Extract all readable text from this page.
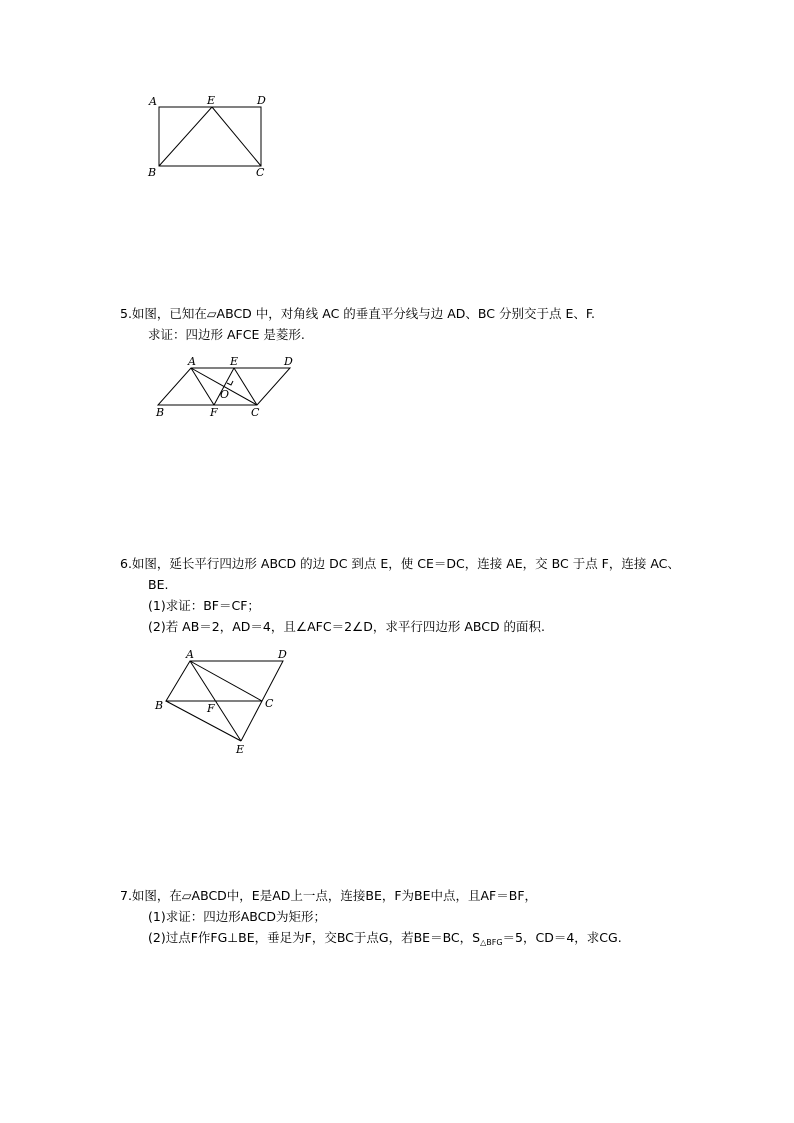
A	E	D
B	C
5.如图，已知在▱ABCD 中，对角线 AC 的垂直平分线与边 AD、BC 分别交于点 E、F.
求证：四边形 AFCE 是菱形.
A	E	D
O
B	F	C
6.如图，延长平行四边形 ABCD 的边 DC 到点 E，使 CE＝DC，连接 AE，交 BC 于点 F，连接 AC、
BE.
(1)求证：BF＝CF；
(2)若 AB＝2，AD＝4，且∠AFC＝2∠D，求平行四边形 ABCD 的面积.
A	D
B	F	C
E
7.如图，在▱ABCD中，E是AD上一点，连接BE，F为BE中点，且AF＝BF，
(1)求证：四边形ABCD为矩形；
(2)过点F作FG⊥BE，垂足为F，交BC于点G，若BE＝BC，$S_{\triangle BFG}=5$，CD＝4，求CG.
